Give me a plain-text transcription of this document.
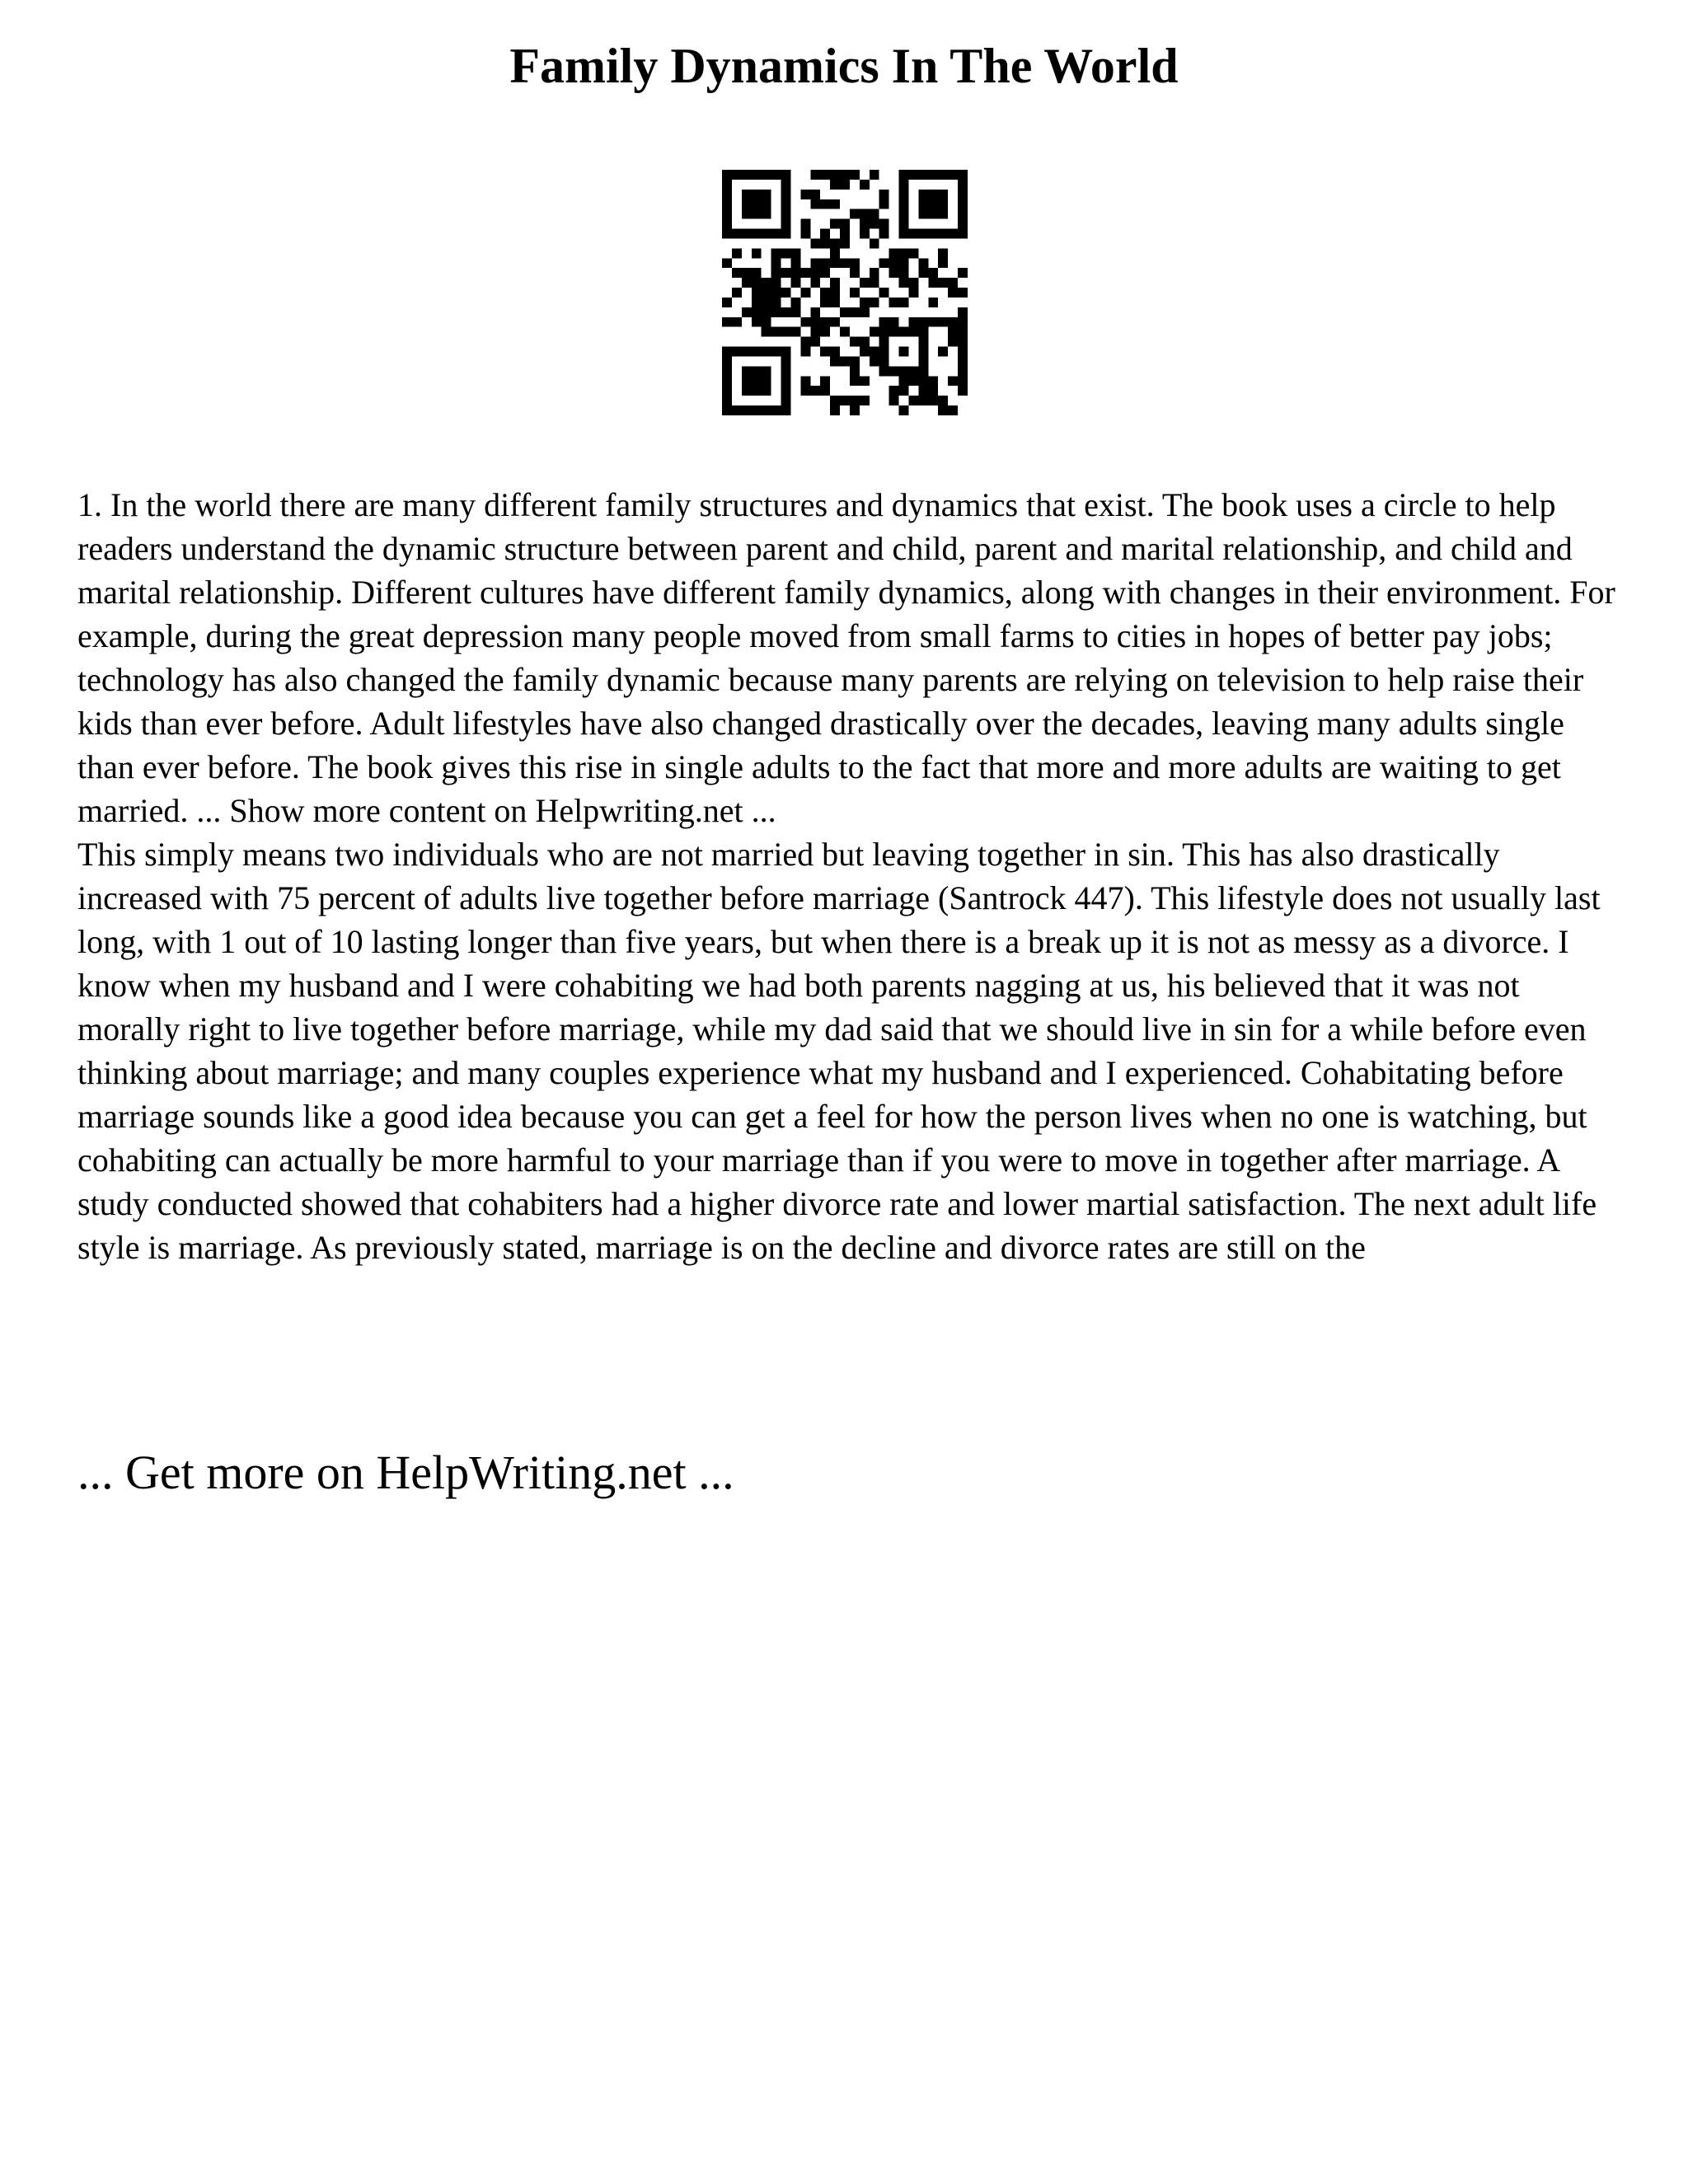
Family Dynamics In The World

1. In the world there are many different family structures and dynamics that exist. The book uses a circle to help readers understand the dynamic structure between parent and child, parent and marital relationship, and child and marital relationship. Different cultures have different family dynamics, along with changes in their environment. For example, during the great depression many people moved from small farms to cities in hopes of better pay jobs; technology has also changed the family dynamic because many parents are relying on television to help raise their kids than ever before. Adult lifestyles have also changed drastically over the decades, leaving many adults single than ever before. The book gives this rise in single adults to the fact that more and more adults are waiting to get married. ... Show more content on Helpwriting.net ...

This simply means two individuals who are not married but leaving together in sin. This has also drastically increased with 75 percent of adults live together before marriage (Santrock 447). This lifestyle does not usually last long, with 1 out of 10 lasting longer than five years, but when there is a break up it is not as messy as a divorce. I know when my husband and I were cohabiting we had both parents nagging at us, his believed that it was not morally right to live together before marriage, while my dad said that we should live in sin for a while before even thinking about marriage; and many couples experience what my husband and I experienced. Cohabitating before marriage sounds like a good idea because you can get a feel for how the person lives when no one is watching, but cohabiting can actually be more harmful to your marriage than if you were to move in together after marriage. A study conducted showed that cohabiters had a higher divorce rate and lower martial satisfaction. The next adult life style is marriage. As previously stated, marriage is on the decline and divorce rates are still on the

... Get more on HelpWriting.net ...
